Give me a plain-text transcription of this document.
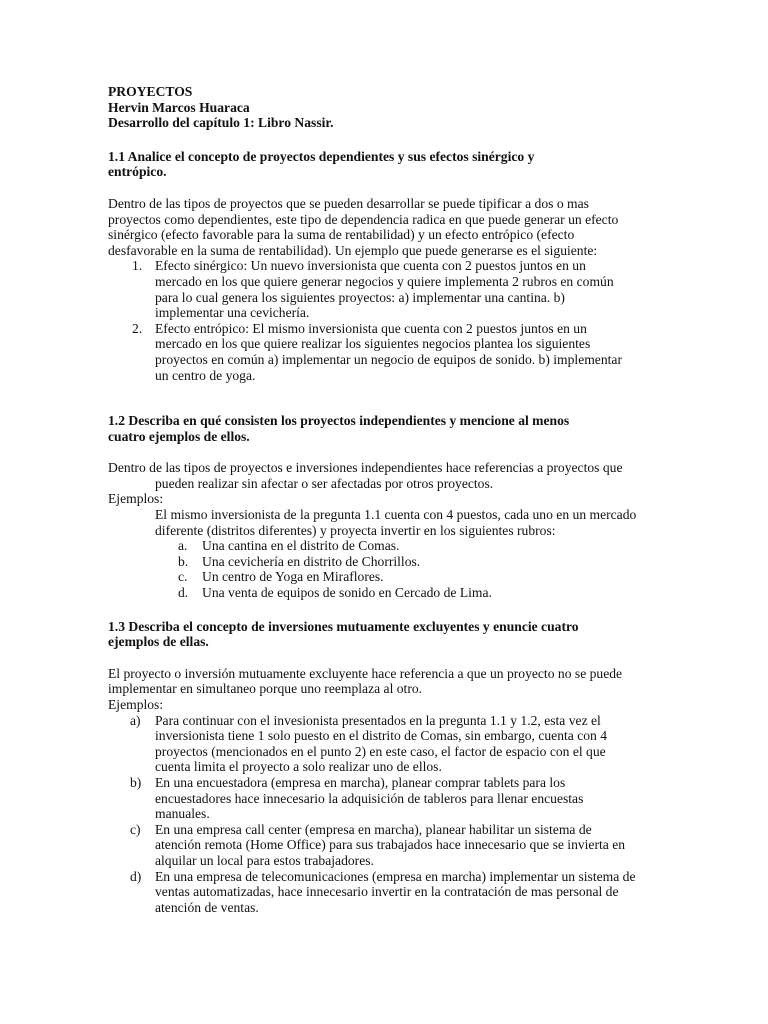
PROYECTOS
Hervin Marcos Huaraca
Desarrollo del capítulo 1: Libro Nassir.

1.1 Analice el concepto de proyectos dependientes y sus efectos sinérgico y
entrópico.

Dentro de las tipos de proyectos que se pueden desarrollar se puede tipificar a dos o mas
proyectos como dependientes, este tipo de dependencia radica en que puede generar un efecto
sinérgico (efecto favorable para la suma de rentabilidad) y un efecto entrópico (efecto
desfavorable en la suma de rentabilidad). Un ejemplo que puede generarse es el siguiente:

1. Efecto sinérgico: Un nuevo inversionista que cuenta con 2 puestos juntos en un
mercado en los que quiere generar negocios y quiere implementa 2 rubros en común
para lo cual genera los siguientes proyectos: a) implementar una cantina. b)
implementar una cevichería.
2. Efecto entrópico: El mismo inversionista que cuenta con 2 puestos juntos en un
mercado en los que quiere realizar los siguientes negocios plantea los siguientes
proyectos en común a) implementar un negocio de equipos de sonido. b) implementar
un centro de yoga.

1.2 Describa en qué consisten los proyectos independientes y mencione al menos
cuatro ejemplos de ellos.

Dentro de las tipos de proyectos e inversiones independientes hace referencias a proyectos que
pueden realizar sin afectar o ser afectadas por otros proyectos.

Ejemplos:

El mismo inversionista de la pregunta 1.1 cuenta con 4 puestos, cada uno en un mercado
diferente (distritos diferentes) y proyecta invertir en los siguientes rubros:

a. Una cantina en el distrito de Comas.
b. Una cevichería en distrito de Chorrillos.
c. Un centro de Yoga en Miraflores.
d. Una venta de equipos de sonido en Cercado de Lima.

1.3 Describa el concepto de inversiones mutuamente excluyentes y enuncie cuatro
ejemplos de ellas.

El proyecto o inversión mutuamente excluyente hace referencia a que un proyecto no se puede
implementar en simultaneo porque uno reemplaza al otro.

Ejemplos:
a) Para continuar con el invesionista presentados en la pregunta 1.1 y 1.2, esta vez el
inversionista tiene 1 solo puesto en el distrito de Comas, sin embargo, cuenta con 4
proyectos (mencionados en el punto 2) en este caso, el factor de espacio con el que
cuenta limita el proyecto a solo realizar uno de ellos.
b) En una encuestadora (empresa en marcha), planear comprar tablets para los
encuestadores hace innecesario la adquisición de tableros para llenar encuestas
manuales.
c) En una empresa call center (empresa en marcha), planear habilitar un sistema de
atención remota (Home Office) para sus trabajados hace innecesario que se invierta en
alquilar un local para estos trabajadores.
d) En una empresa de telecomunicaciones (empresa en marcha) implementar un sistema de
ventas automatizadas, hace innecesario invertir en la contratación de mas personal de
atención de ventas.
